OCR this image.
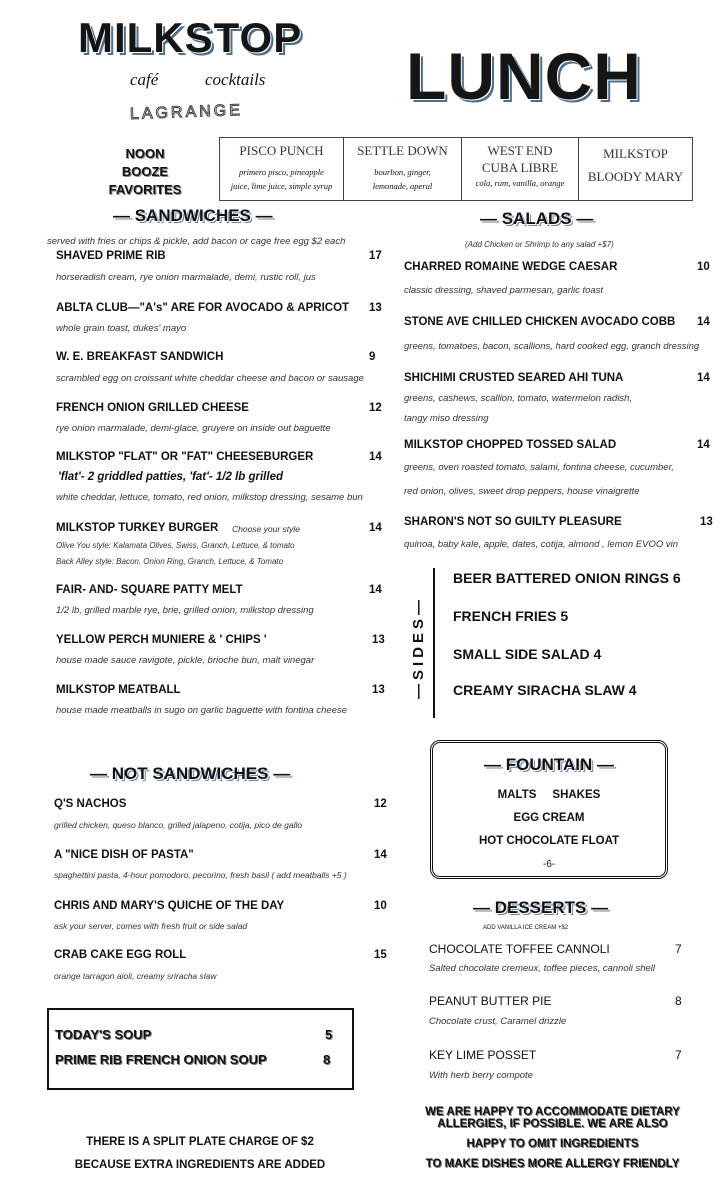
MILKSTOP
café	cocktails
LAGRANGE LUNCH
NOON
BOOZE
FAVORITES
PISCO PUNCH
primero pisco, pineapple
juice, lime juice, simple syrup
SETTLE DOWN
bourbon, ginger,
lemonade, aperal
WEST END CUBA LIBRE
cola, rum, vanilla, orange
MILKSTOP BLOODY MARY
TODAY'S SOUP	5
PRIME RIB FRENCH ONION SOUP	8
THERE IS A SPLIT PLATE CHARGE OF $2
BECAUSE EXTRA INGREDIENTS ARE ADDED
—SIDES—
— FOUNTAIN —
MALTS     SHAKES
EGG CREAM
HOT CHOCOLATE FLOAT
-6-
— DESSERTS —
ADD VANILLA ICE CREAM +$2
WE ARE HAPPY TO ACCOMMODATE DIETARY
ALLERGIES, IF POSSIBLE. WE ARE ALSO
HAPPY TO OMIT INGREDIENTS
TO MAKE DISHES MORE ALLERGY FRIENDLY
— SANDWICHES —
served with fries or chips & pickle, add bacon or cage free egg $2 each
SHAVED PRIME RIB	17
horseradish cream, rye onion marmalade, demi, rustic roll, jus
ABLTA CLUB—"A's" ARE FOR AVOCADO & APRICOT 13
whole grain toast, dukes' mayo
W. E. BREAKFAST SANDWICH	9
scrambled egg on croissant white cheddar cheese and bacon or sausage
FRENCH ONION GRILLED CHEESE	12
rye onion marmalade, demi-glace, gruyere on inside out baguette
MILKSTOP "FLAT" OR "FAT" CHEESEBURGER	14
'flat'- 2 griddled patties, 'fat'- 1/2 lb grilled
white cheddar, lettuce, tomato, red onion, milkstop dressing, sesame bun
MILKSTOP TURKEY BURGER	14
Choose your style
Olive You style: Kalamata Olives, Swiss, Granch, Lettuce, & tomato
Back Alley style: Bacon, Onion Ring, Granch, Lettuce, & Tomato
FAIR- AND- SQUARE PATTY MELT	14
1/2 lb, grilled marble rye, brie, grilled onion, milkstop dressing
YELLOW PERCH MUNIERE & ' CHIPS '	13
house made sauce ravigote, pickle, brioche bun, malt vinegar
MILKSTOP MEATBALL	13
house made meatballs in sugo on garlic baguette with fontina cheese
— NOT SANDWICHES —
Q'S NACHOS	12
grilled chicken, queso blanco, grilled jalapeno, cotija, pico de gallo
A "NICE DISH OF PASTA"	14
spaghettini pasta, 4-hour pomodoro, pecorino, fresh basil ( add meatballs +5 )
CHRIS AND MARY'S QUICHE OF THE DAY	10
ask your server, comes with fresh fruit or side salad
CRAB CAKE EGG ROLL	15
orange tarragon aioli, creamy sriracha slaw
— SALADS —
(Add Chicken or Shrimp to any salad +$7)
CHARRED ROMAINE WEDGE CAESAR	10
classic dressing, shaved parmesan, garlic toast
STONE AVE CHILLED CHICKEN AVOCADO COBB 14
greens, tomatoes, bacon, scallions, hard cooked egg, granch dressing
SHICHIMI CRUSTED SEARED AHI TUNA	14
greens, cashews, scallion, tomato, watermelon radish,
tangy miso dressing
MILKSTOP CHOPPED TOSSED SALAD	14
greens, oven roasted tomato, salami, fontina cheese, cucumber,
red onion, olives, sweet drop peppers, house vinaigrette
SHARON'S NOT SO GUILTY PLEASURE	13
quinoa, baby kale, apple, dates, cotija, almond , lemon EVOO vin
BEER BATTERED ONION RINGS 6
FRENCH FRIES 5
SMALL SIDE SALAD 4
CREAMY SIRACHA SLAW 4
CHOCOLATE TOFFEE CANNOLI	7
Salted chocolate cremeux, toffee pieces, cannoli shell
PEANUT BUTTER PIE	8
Chocolate crust, Caramel drizzle
KEY LIME POSSET	7
With herb berry compote
